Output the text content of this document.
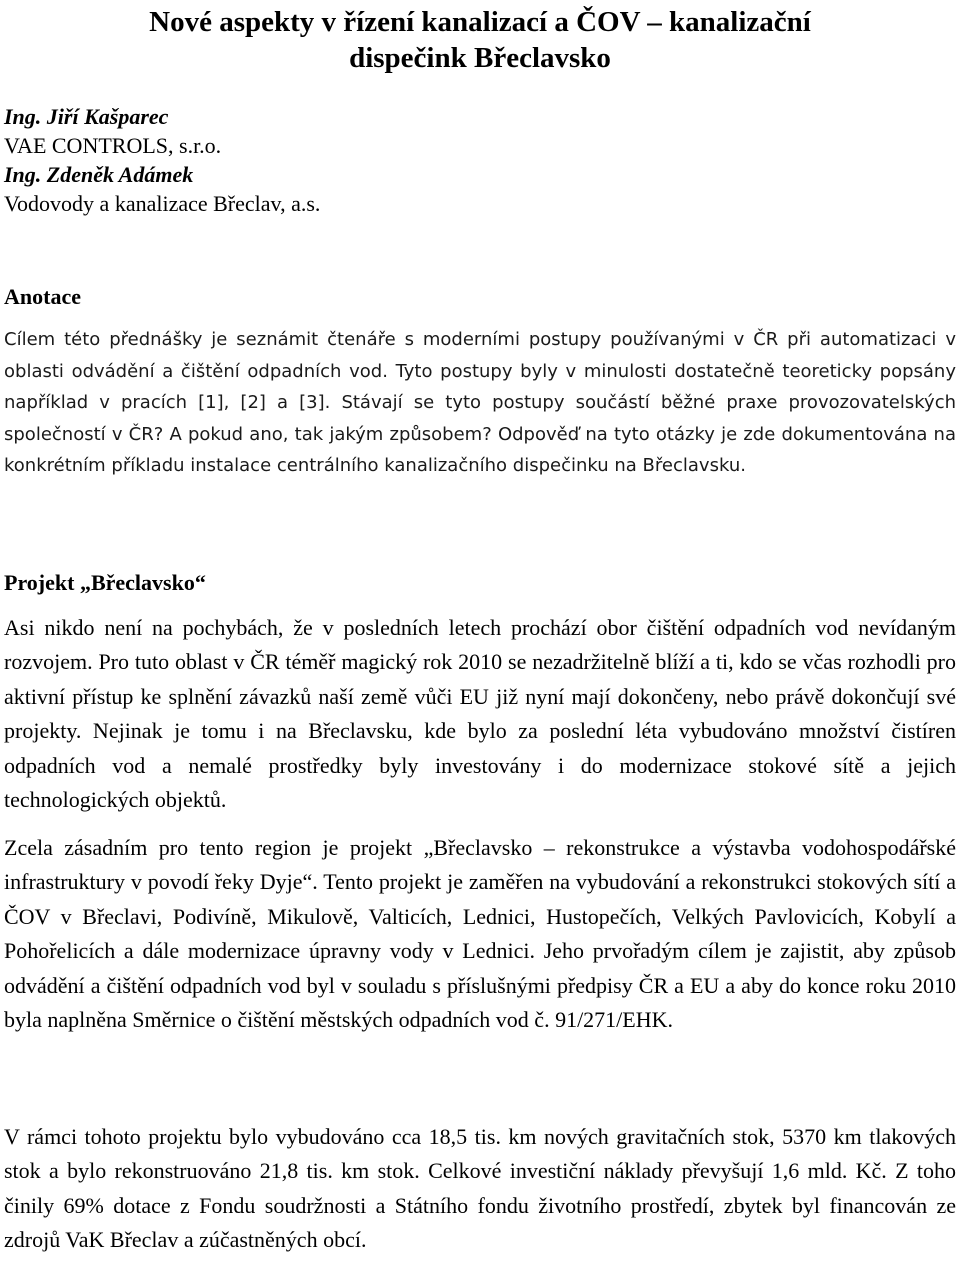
Nové aspekty v řízení kanalizací a ČOV – kanalizační
dispečink Břeclavsko
Ing. Jiří Kašparec
VAE CONTROLS, s.r.o.
Ing. Zdeněk Adámek
Vodovody a kanalizace Břeclav, a.s.
Anotace

Cílem této přednášky je seznámit čtenáře s moderními postupy používanými v ČR při automatizaci v oblasti odvádění a čištění odpadních vod. Tyto postupy byly v minulosti dostatečně teoreticky popsány například v pracích [1], [2] a [3]. Stávají se tyto postupy součástí běžné praxe provozovatelských společností v ČR? A pokud ano, tak jakým způsobem? Odpověď na tyto otázky je zde dokumentována na konkrétním příkladu instalace centrálního kanalizačního dispečinku na Břeclavsku.

Projekt „Břeclavsko“

Asi nikdo není na pochybách, že v posledních letech prochází obor čištění odpadních vod nevídaným rozvojem. Pro tuto oblast v ČR téměř magický rok 2010 se nezadržitelně blíží a ti, kdo se včas rozhodli pro aktivní přístup ke splnění závazků naší země vůči EU již nyní mají dokončeny, nebo právě dokončují své projekty. Nejinak je tomu i na Břeclavsku, kde bylo za poslední léta vybudováno množství čistíren odpadních vod a nemalé prostředky byly investovány i do modernizace stokové sítě a jejich technologických objektů.

Zcela zásadním pro tento region je projekt „Břeclavsko – rekonstrukce a výstavba vodohospodářské infrastruktury v povodí řeky Dyje“. Tento projekt je zaměřen na vybudování a rekonstrukci stokových sítí a ČOV v Břeclavi, Podivíně, Mikulově, Valticích, Lednici, Hustopečích, Velkých Pavlovicích, Kobylí a Pohořelicích a dále modernizace úpravny vody v Lednici. Jeho prvořadým cílem je zajistit, aby způsob odvádění a čištění odpadních vod byl v souladu s příslušnými předpisy ČR a EU a aby do konce roku 2010 byla naplněna Směrnice o čištění městských odpadních vod č. 91/271/EHK.

V rámci tohoto projektu bylo vybudováno cca 18,5 tis. km nových gravitačních stok, 5370 km tlakových stok a bylo rekonstruováno 21,8 tis. km stok. Celkové investiční náklady převyšují 1,6 mld. Kč. Z toho činily 69% dotace z Fondu soudržnosti a Státního fondu životního prostředí, zbytek byl financován ze zdrojů VaK Břeclav a zúčastněných obcí.
